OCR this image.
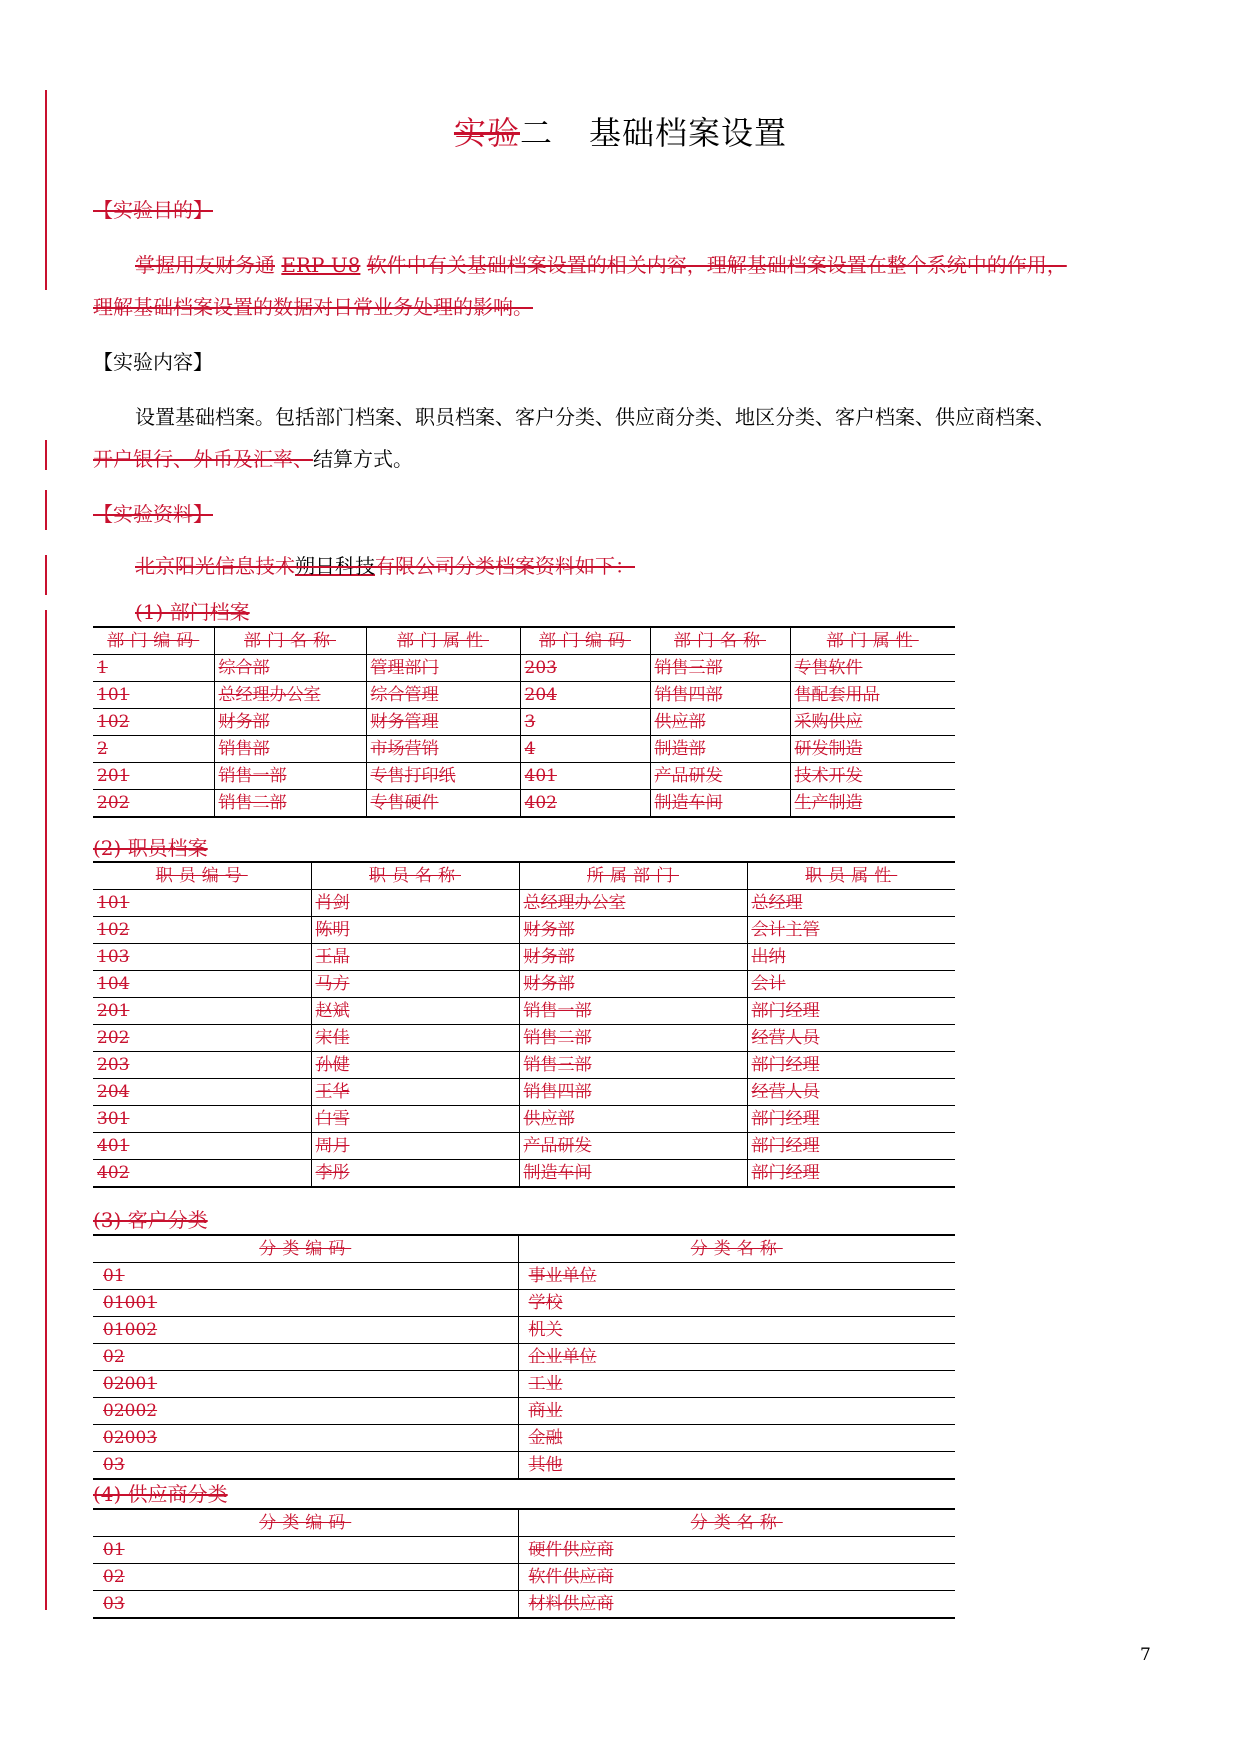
实验二 基础档案设置
【实验目的】
掌握用友财务通 ERP U8 软件中有关基础档案设置的相关内容，理解基础档案设置在整个系统中的作用，
理解基础档案设置的数据对日常业务处理的影响。
【实验内容】
设置基础档案。包括部门档案、职员档案、客户分类、供应商分类、地区分类、客户档案、供应商档案、
开户银行、外币及汇率、结算方式。
【实验资料】
北京阳光信息技术朔日科技有限公司分类档案资料如下：
(1) 部门档案
部门编码	部门名称	部门属性	部门编码	部门名称	部门属性
1	综合部	管理部门	203	销售三部	专售软件
101	总经理办公室	综合管理	204	销售四部	售配套用品
102	财务部	财务管理	3	供应部	采购供应
2	销售部	市场营销	4	制造部	研发制造
201	销售一部	专售打印纸	401	产品研发	技术开发
202	销售二部	专售硬件	402	制造车间	生产制造
(2) 职员档案
职员编号	职员名称	所属部门	职员属性
101	肖剑	总经理办公室	总经理
102	陈明	财务部	会计主管
103	王晶	财务部	出纳
104	马方	财务部	会计
201	赵斌	销售一部	部门经理
202	宋佳	销售二部	经营人员
203	孙健	销售三部	部门经理
204	王华	销售四部	经营人员
301	白雪	供应部	部门经理
401	周月	产品研发	部门经理
402	李彤	制造车间	部门经理
(3) 客户分类
分类编码	分类名称
01	事业单位
01001	学校
01002	机关
02	企业单位
02001	工业
02002	商业
02003	金融
03	其他
(4) 供应商分类
分类编码	分类名称
01	硬件供应商
02	软件供应商
03	材料供应商
7
